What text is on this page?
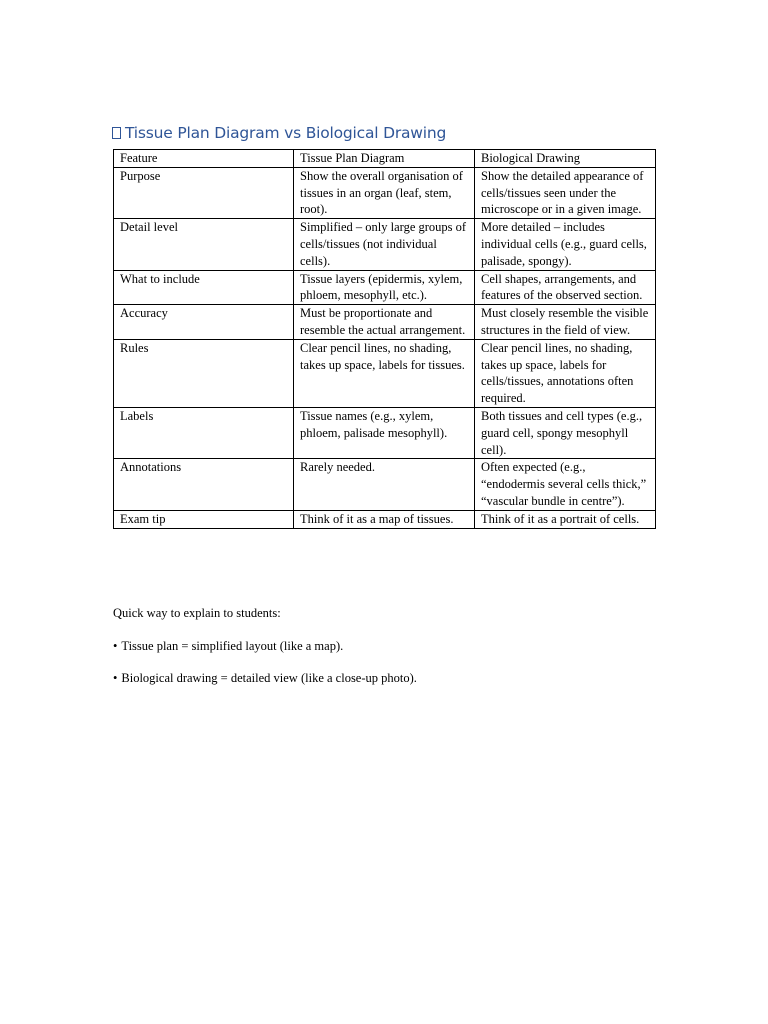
Tissue Plan Diagram vs Biological Drawing
Feature	Tissue Plan Diagram	Biological Drawing
Purpose	Show the overall organisation of tissues in an organ (leaf, stem, root).	Show the detailed appearance of cells/tissues seen under the microscope or in a given image.
Detail level	Simplified – only large groups of cells/tissues (not individual cells).	More detailed – includes individual cells (e.g., guard cells, palisade, spongy).
What to include	Tissue layers (epidermis, xylem, phloem, mesophyll, etc.).	Cell shapes, arrangements, and features of the observed section.
Accuracy	Must be proportionate and resemble the actual arrangement.	Must closely resemble the visible structures in the field of view.
Rules	Clear pencil lines, no shading, takes up space, labels for tissues.	Clear pencil lines, no shading, takes up space, labels for cells/tissues, annotations often required.
Labels	Tissue names (e.g., xylem, phloem, palisade mesophyll).	Both tissues and cell types (e.g., guard cell, spongy mesophyll cell).
Annotations	Rarely needed.	Often expected (e.g., “endodermis several cells thick,” “vascular bundle in centre”).
Exam tip	Think of it as a map of tissues.	Think of it as a portrait of cells.
Quick way to explain to students:
• Tissue plan = simplified layout (like a map).
• Biological drawing = detailed view (like a close-up photo).
